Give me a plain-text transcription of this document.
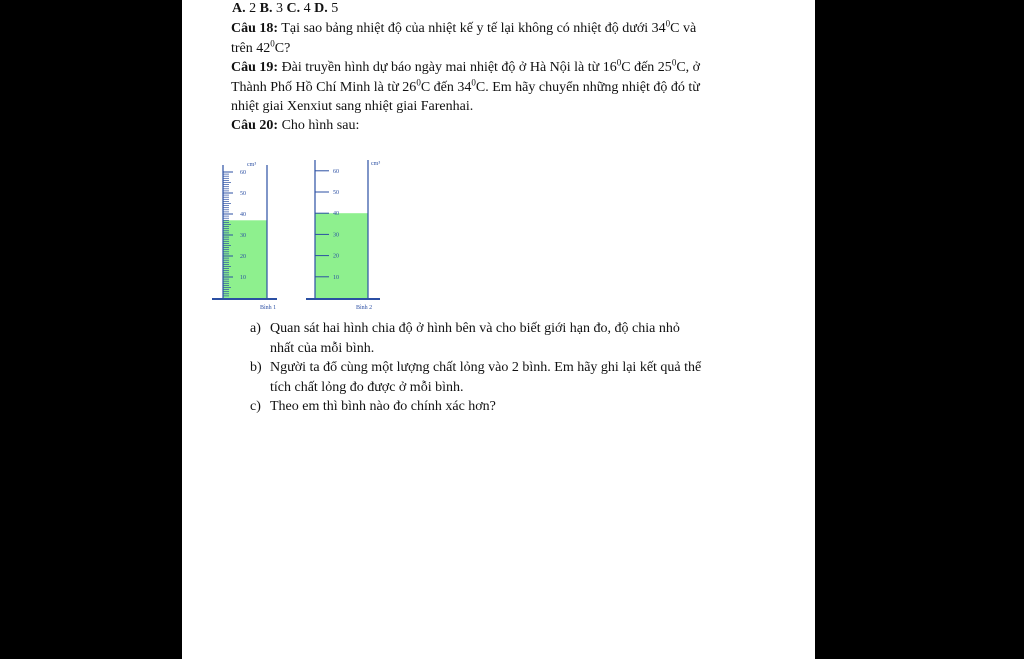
A. 2 B. 3 C. 4 D. 5

Câu 18: Tại sao bảng nhiệt độ của nhiệt kế y tế lại không có nhiệt độ dưới $34^0C$ và

trên $42^0C$?

Câu 19: Đài truyền hình dự báo ngày mai nhiệt độ ở Hà Nội là từ $16^0C$ đến $25^0C$, ở

Thành Phố Hồ Chí Minh là từ $26^0C$ đến $34^0C$. Em hãy chuyển những nhiệt độ đó từ

nhiệt giai Xenxiut sang nhiệt giai Farenhai.

Câu 20: Cho hình sau:
10
20
30
40
50
60
cm³
Bình 1
10
20
30
40
50
60
cm³
Bình 2
a) Quan sát hai hình chia độ ở hình bên và cho biết giới hạn đo, độ chia nhỏ

nhất của mỗi bình.

b) Người ta đổ cùng một lượng chất lỏng vào 2 bình. Em hãy ghi lại kết quả thể

tích chất lỏng đo được ở mỗi bình.

c) Theo em thì bình nào đo chính xác hơn?
